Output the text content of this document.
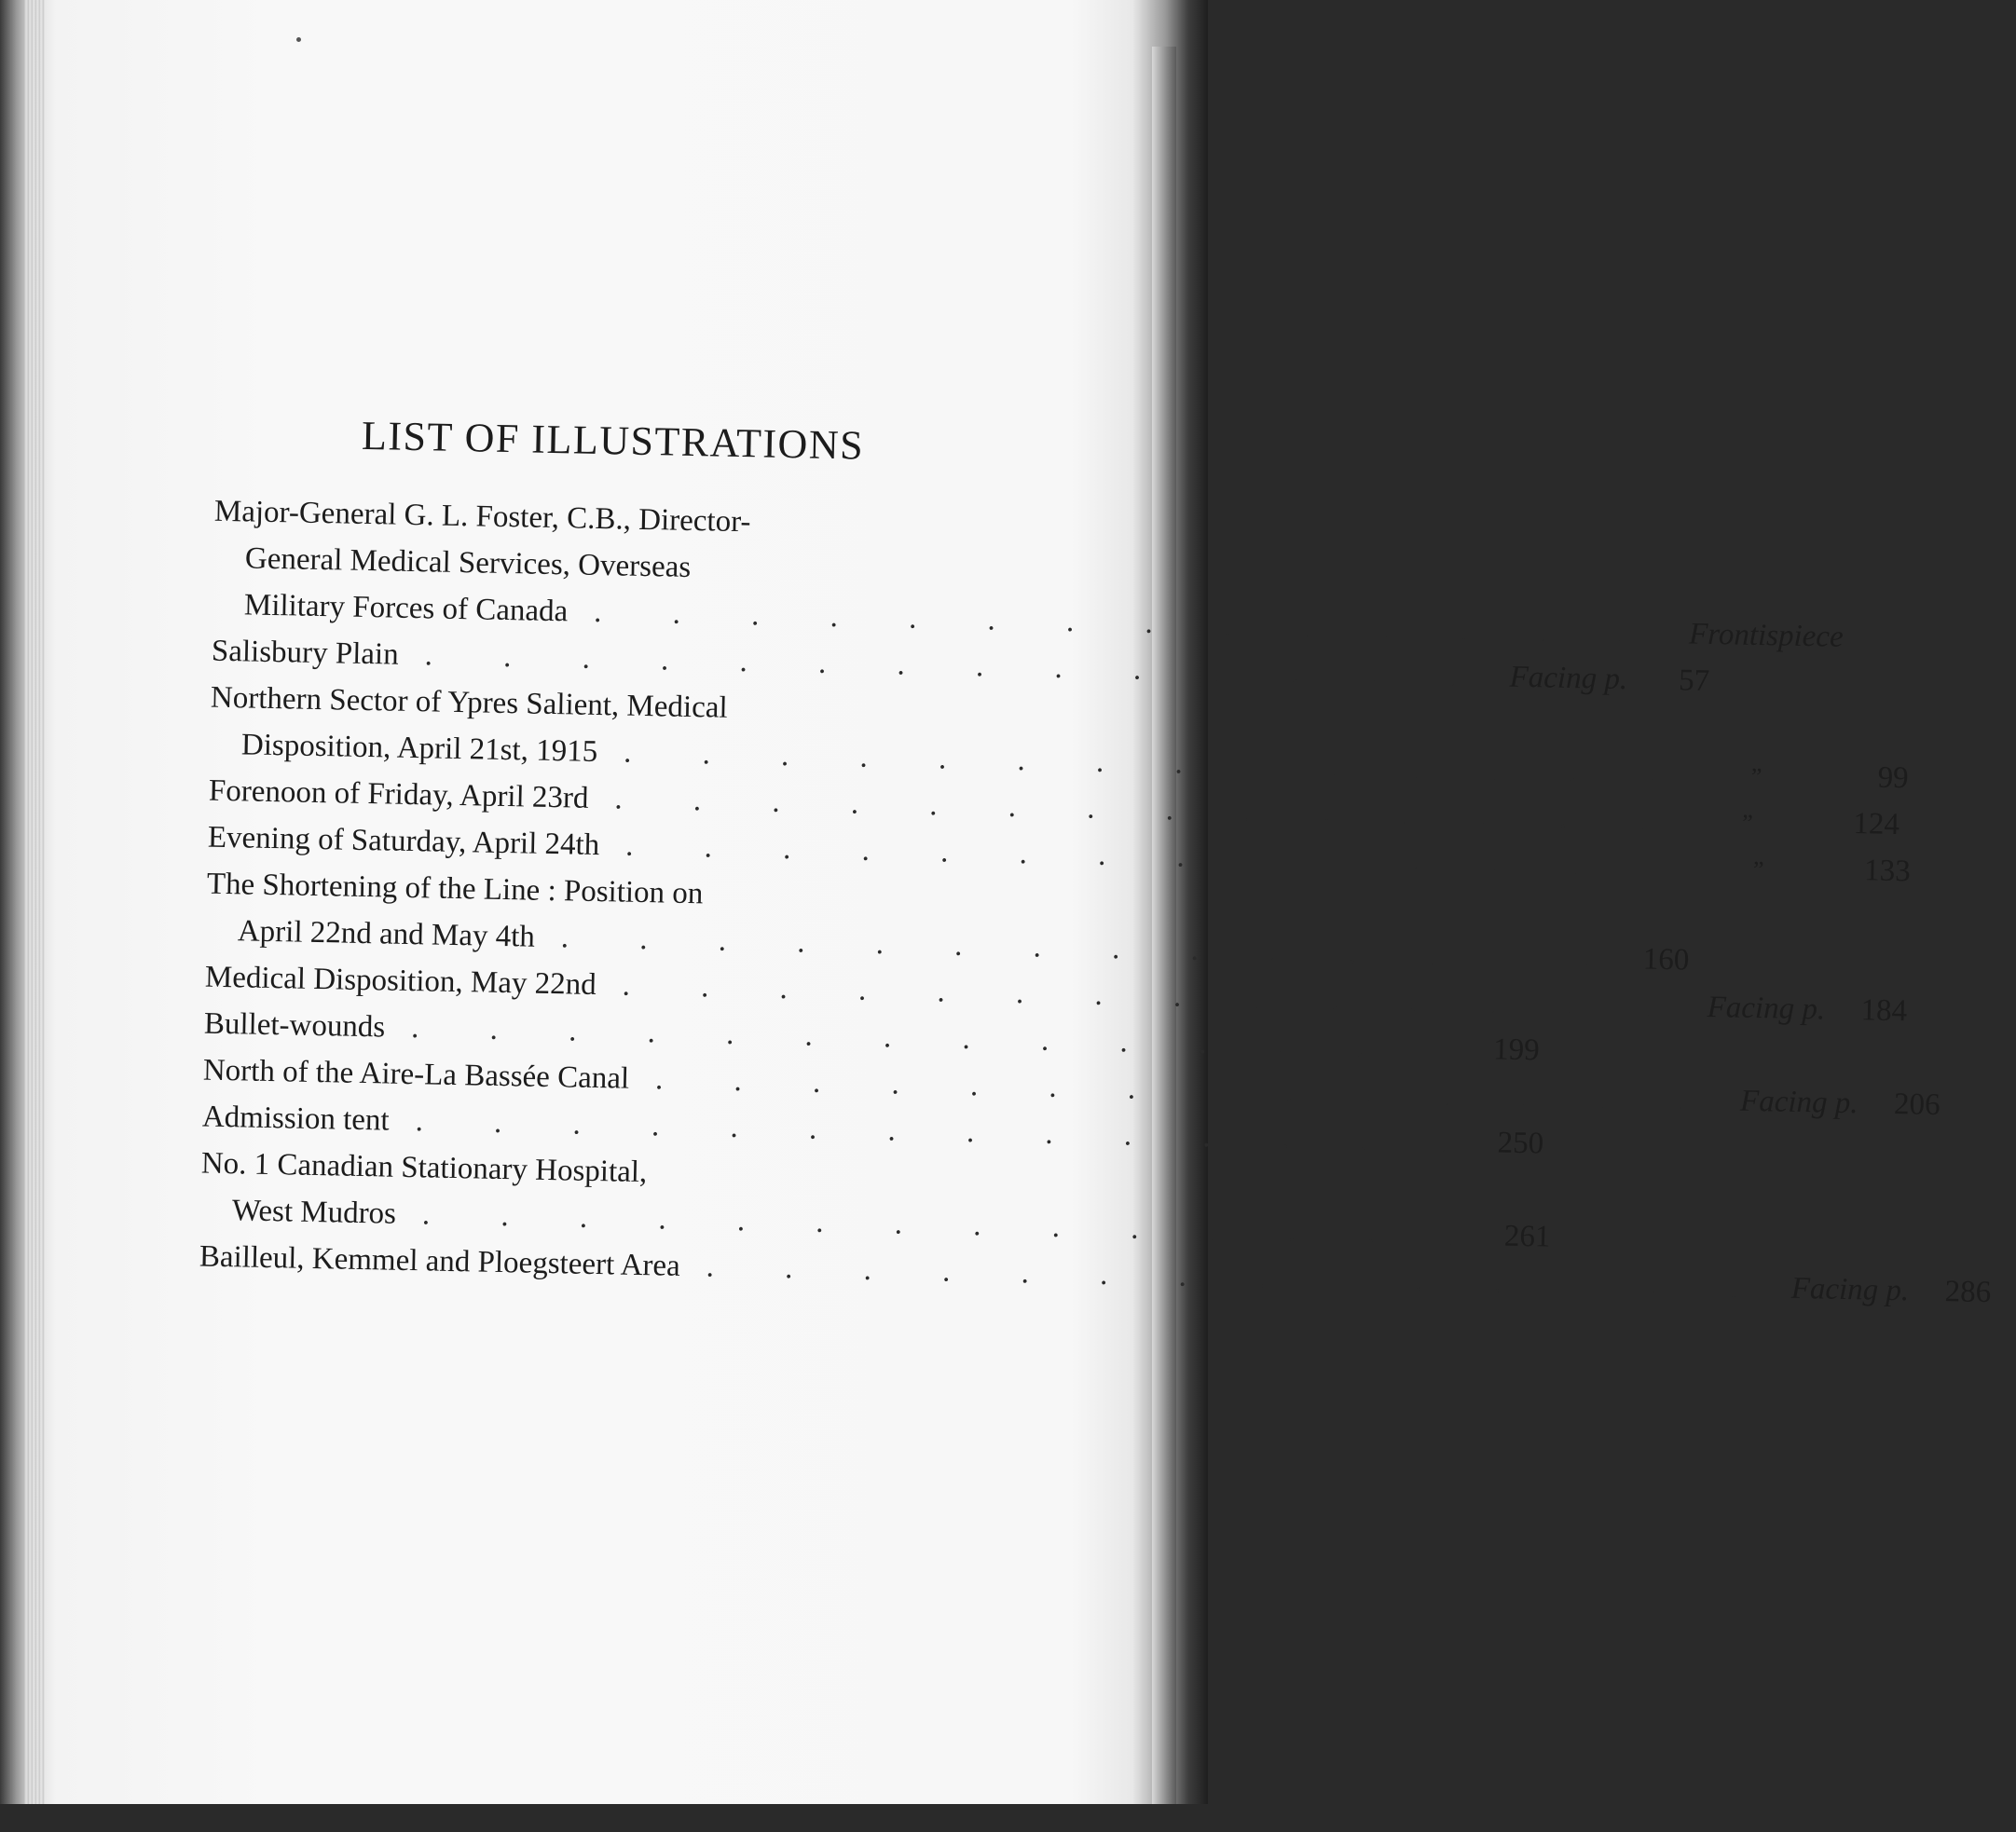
LIST OF ILLUSTRATIONS
Major-General G. L. Foster, C.B., Director-
General Medical Services, Overseas
Military Forces of Canada . . . . . . . . . . . . . .	Frontispiece
Salisbury Plain . . . . . . . . . . . . . . Facing p.	57
Northern Sector of Ypres Salient, Medical
Disposition, April 21st, 1915 . . . . . . . . . . . . . .	”	99
Forenoon of Friday, April 23rd . . . . . . . . . . . . . .	”	124
Evening of Saturday, April 24th . . . . . . . . . . . . . .	”	133
The Shortening of the Line : Position on
April 22nd and May 4th . . . . . . . . . . . . . . 160
Medical Disposition, May 22nd . . . . . . . . . . . . . . Facing p.	184
Bullet-wounds . . . . . . . . . . . . . . 199
North of the Aire-La Bassée Canal . . . . . . . . . . . . . . Facing p.	206
Admission tent . . . . . . . . . . . . . . 250
No. 1 Canadian Stationary Hospital,
West Mudros . . . . . . . . . . . . . . 261
Bailleul, Kemmel and Ploegsteert Area . . . . . . . . . . . . . . Facing p.	286
